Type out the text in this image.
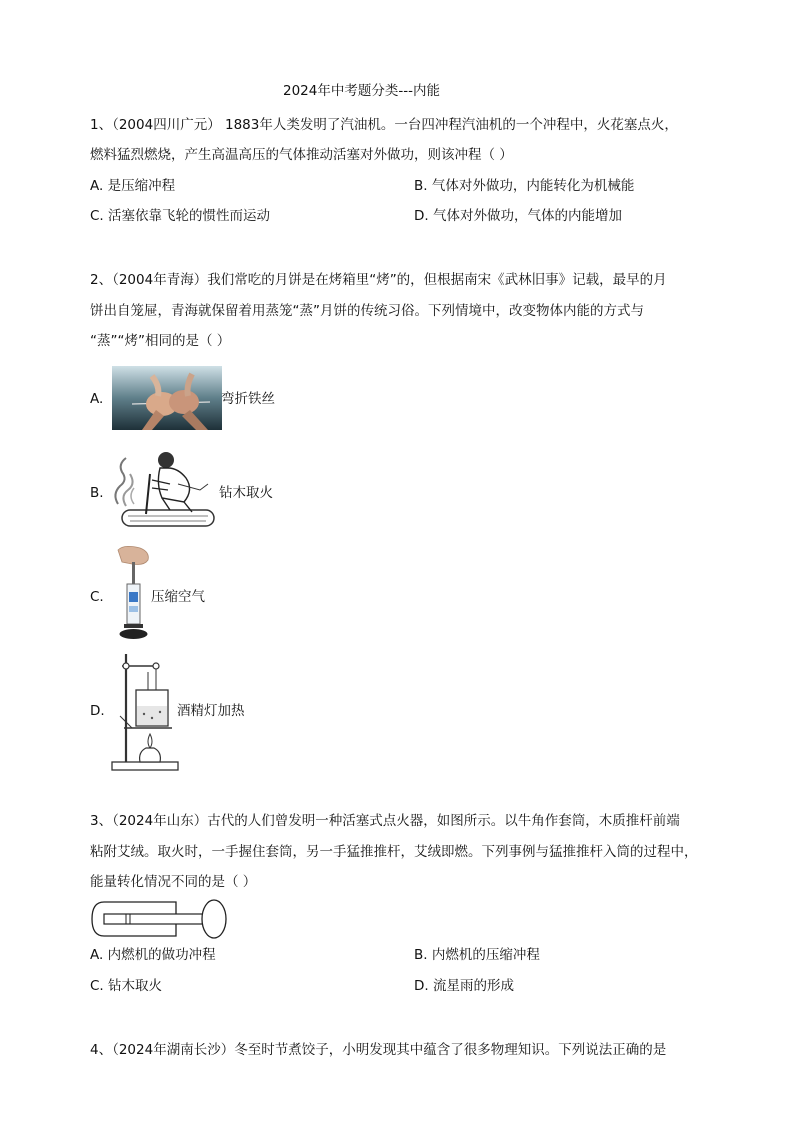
2024年中考题分类---内能
1、（2004四川广元） 1883年人类发明了汽油机。一台四冲程汽油机的一个冲程中，火花塞点火，
燃料猛烈燃烧，产生高温高压的气体推动活塞对外做功，则该冲程（ ）
A. 是压缩冲程	B. 气体对外做功，内能转化为机械能
C. 活塞依靠飞轮的惯性而运动	D. 气体对外做功，气体的内能增加
2、（2004年青海）我们常吃的月饼是在烤箱里“烤”的，但根据南宋《武林旧事》记载，最早的月
饼出自笼屉，青海就保留着用蒸笼“蒸”月饼的传统习俗。下列情境中，改变物体内能的方式与
“蒸”“烤”相同的是（ ）
A.	弯折铁丝
B.	钻木取火
C.	压缩空气
D.	酒精灯加热
3、（2024年山东）古代的人们曾发明一种活塞式点火器，如图所示。以牛角作套筒，木质推杆前端
粘附艾绒。取火时，一手握住套筒，另一手猛推推杆，艾绒即燃。下列事例与猛推推杆入筒的过程中，
能量转化情况不同的是（ ）
A. 内燃机的做功冲程	B. 内燃机的压缩冲程
C. 钻木取火	D. 流星雨的形成
4、（2024年湖南长沙）冬至时节煮饺子，小明发现其中蕴含了很多物理知识。下列说法正确的是
